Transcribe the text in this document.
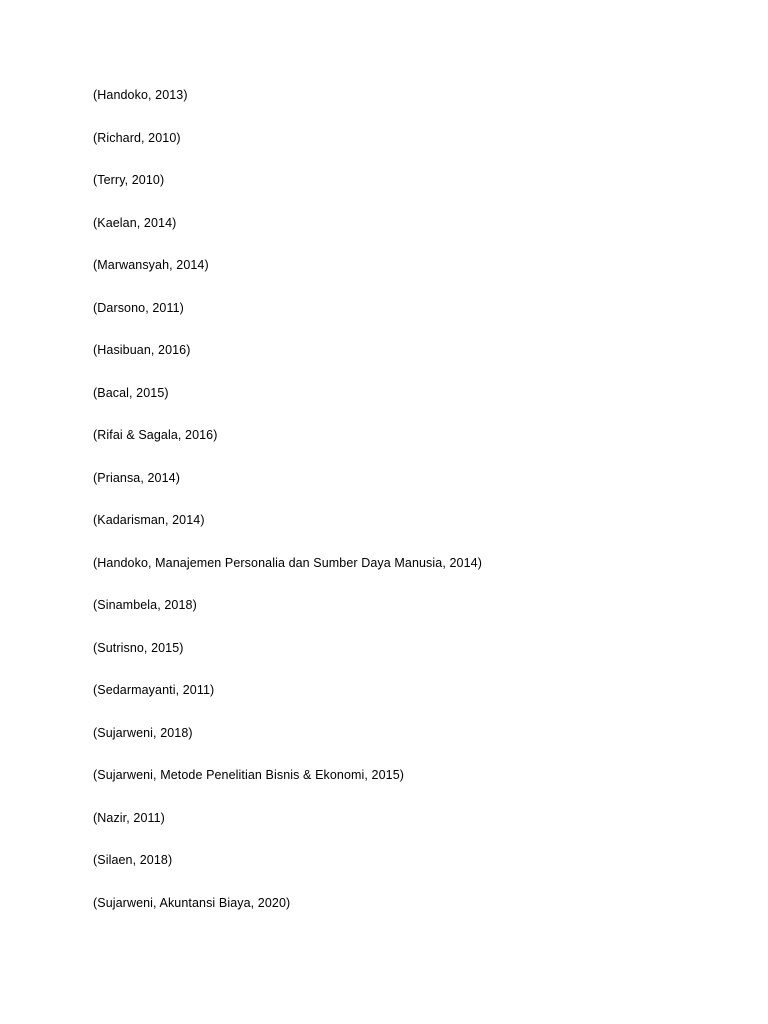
(Handoko, 2013)
(Richard, 2010)
(Terry, 2010)
(Kaelan, 2014)
(Marwansyah, 2014)
(Darsono, 2011)
(Hasibuan, 2016)
(Bacal, 2015)
(Rifai & Sagala, 2016)
(Priansa, 2014)
(Kadarisman, 2014)
(Handoko, Manajemen Personalia dan Sumber Daya Manusia, 2014)
(Sinambela, 2018)
(Sutrisno, 2015)
(Sedarmayanti, 2011)
(Sujarweni, 2018)
(Sujarweni, Metode Penelitian Bisnis & Ekonomi, 2015)
(Nazir, 2011)
(Silaen, 2018)
(Sujarweni, Akuntansi Biaya, 2020)
